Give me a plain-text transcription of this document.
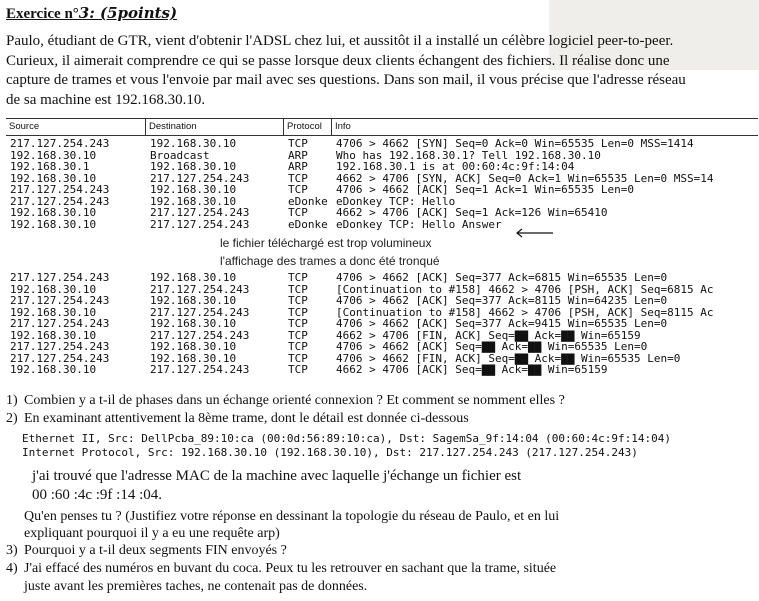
Exercice n°3: (5points)

Paulo, étudiant de GTR, vient d'obtenir l'ADSL chez lui, et aussitôt il a installé un célèbre logiciel peer-to-peer. Curieux, il aimerait comprendre ce qui se passe lorsque deux clients échangent des fichiers. Il réalise donc une capture de trames et vous l'envoie par mail avec ses questions. Dans son mail, il vous précise que l'adresse réseau de sa machine est 192.168.30.10.

Source	Destination	Protocol	Info
217.127.254.243	192.168.30.10	TCP	4706 > 4662 [SYN] Seq=0 Ack=0 Win=65535 Len=0 MSS=1414
192.168.30.10	Broadcast	ARP	Who has 192.168.30.1? Tell 192.168.30.10
192.168.30.1	192.168.30.10	ARP	192.168.30.1 is at 00:60:4c:9f:14:04
192.168.30.10	217.127.254.243	TCP	4662 > 4706 [SYN, ACK] Seq=0 Ack=1 Win=65535 Len=0 MSS=14
217.127.254.243	192.168.30.10	TCP	4706 > 4662 [ACK] Seq=1 Ack=1 Win=65535 Len=0
217.127.254.243	192.168.30.10	eDonke eDonkey TCP: Hello
192.168.30.10	217.127.254.243	TCP	4662 > 4706 [ACK] Seq=1 Ack=126 Win=65410
192.168.30.10	217.127.254.243	eDonke eDonkey TCP: Hello Answer
217.127.254.243	192.168.30.10	TCP	4706 > 4662 [ACK] Seq=377 Ack=6815 Win=65535 Len=0
192.168.30.10	217.127.254.243	TCP	[Continuation to #158] 4662 > 4706 [PSH, ACK] Seq=6815 Ac
217.127.254.243	192.168.30.10	TCP	4706 > 4662 [ACK] Seq=377 Ack=8115 Win=64235 Len=0
192.168.30.10	217.127.254.243	TCP	[Continuation to #158] 4662 > 4706 [PSH, ACK] Seq=8115 Ac
217.127.254.243	192.168.30.10	TCP	4706 > 4662 [ACK] Seq=377 Ack=9415 Win=65535 Len=0
192.168.30.10	217.127.254.243	TCP	4662 > 4706 [FIN, ACK] Seq=▇▇ Ack=▇▇ Win=65159
217.127.254.243	192.168.30.10	TCP	4706 > 4662 [ACK] Seq=▇▇ Ack=▇▇ Win=65535 Len=0
217.127.254.243	192.168.30.10	TCP	4706 > 4662 [FIN, ACK] Seq=▇▇ Ack=▇▇ Win=65535 Len=0
192.168.30.10	217.127.254.243	TCP	4662 > 4706 [ACK] Seq=▇▇ Ack=▇▇ Win=65159
le fichier téléchargé est trop volumineux
l'affichage des trames a donc été tronqué
1) Combien y a t-il de phases dans un échange orienté connexion ? Et comment se nomment elles ?
2) En examinant attentivement la 8ème trame, dont le détail est donnée ci-dessous
Ethernet II, Src: DellPcba_89:10:ca (00:0d:56:89:10:ca), Dst: SagemSa_9f:14:04 (00:60:4c:9f:14:04)
Internet Protocol, Src: 192.168.30.10 (192.168.30.10), Dst: 217.127.254.243 (217.127.254.243)
j'ai trouvé que l'adresse MAC de la machine avec laquelle j'échange un fichier est
00 :60 :4c :9f :14 :04.
Qu'en penses tu ? (Justifiez votre réponse en dessinant la topologie du réseau de Paulo, et en lui
expliquant pourquoi il y a eu une requête arp)
3) Pourquoi y a t-il deux segments FIN envoyés ?
4) J'ai effacé des numéros en buvant du coca. Peux tu les retrouver en sachant que la trame, située
juste avant les premières taches, ne contenait pas de données.
